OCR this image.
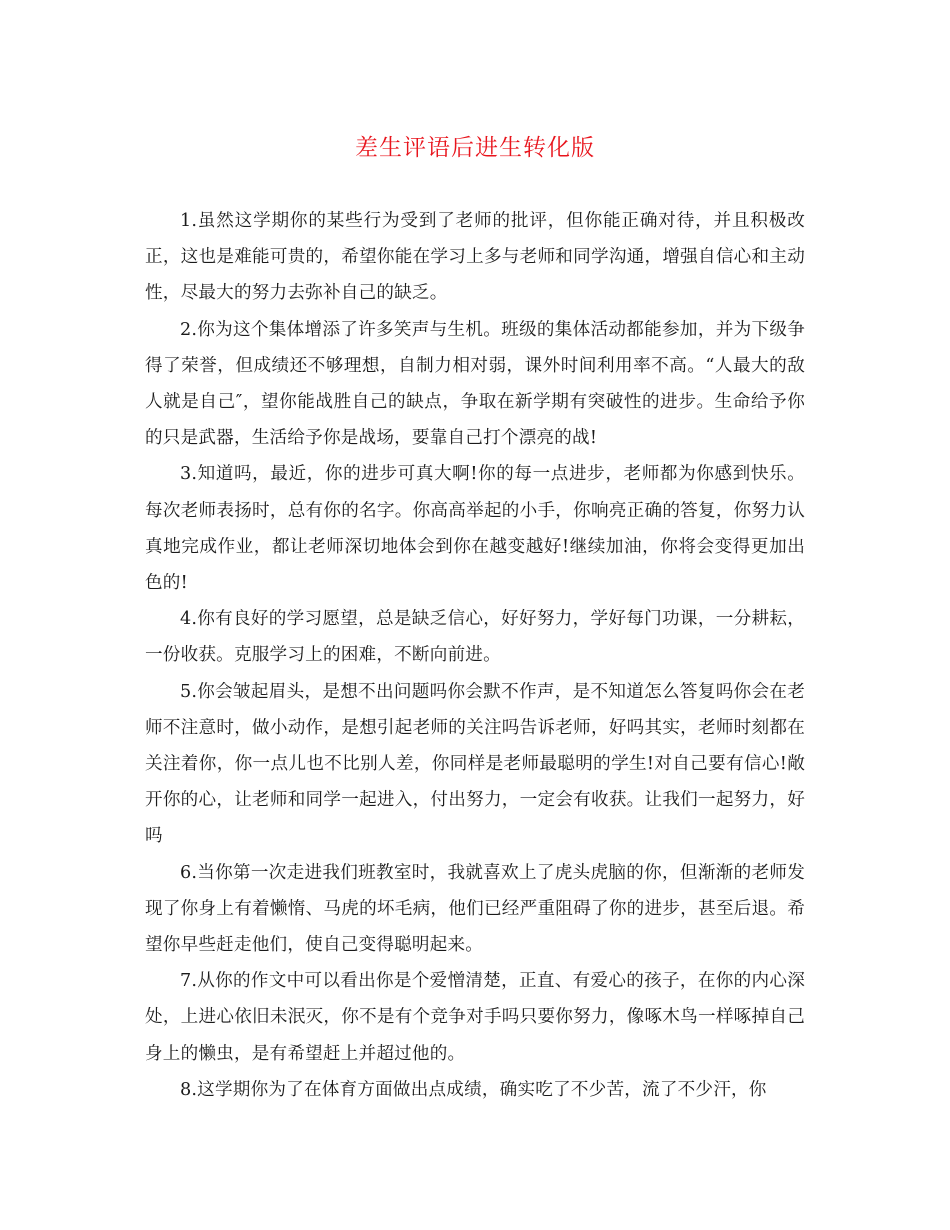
差生评语后进生转化版

1.虽然这学期你的某些行为受到了老师的批评，但你能正确对待，并且积极改正，这也是难能可贵的，希望你能在学习上多与老师和同学沟通，增强自信心和主动性，尽最大的努力去弥补自己的缺乏。

2.你为这个集体增添了许多笑声与生机。班级的集体活动都能参加，并为下级争得了荣誉，但成绩还不够理想，自制力相对弱，课外时间利用率不高。“人最大的敌人就是自己″，望你能战胜自己的缺点，争取在新学期有突破性的进步。生命给予你的只是武器，生活给予你是战场，要靠自己打个漂亮的战!

3.知道吗，最近，你的进步可真大啊!你的每一点进步，老师都为你感到快乐。每次老师表扬时，总有你的名字。你高高举起的小手，你响亮正确的答复，你努力认真地完成作业，都让老师深切地体会到你在越变越好!继续加油，你将会变得更加出色的!

4.你有良好的学习愿望，总是缺乏信心，好好努力，学好每门功课，一分耕耘，一份收获。克服学习上的困难，不断向前进。

5.你会皱起眉头，是想不出问题吗你会默不作声，是不知道怎么答复吗你会在老师不注意时，做小动作，是想引起老师的关注吗告诉老师，好吗其实，老师时刻都在关注着你，你一点儿也不比别人差，你同样是老师最聪明的学生!对自己要有信心!敞开你的心，让老师和同学一起进入，付出努力，一定会有收获。让我们一起努力，好吗

6.当你第一次走进我们班教室时，我就喜欢上了虎头虎脑的你，但渐渐的老师发现了你身上有着懒惰、马虎的坏毛病，他们已经严重阻碍了你的进步，甚至后退。希望你早些赶走他们，使自己变得聪明起来。

7.从你的作文中可以看出你是个爱憎清楚，正直、有爱心的孩子，在你的内心深处，上进心依旧未泯灭，你不是有个竞争对手吗只要你努力，像啄木鸟一样啄掉自己身上的懒虫，是有希望赶上并超过他的。

8.这学期你为了在体育方面做出点成绩，确实吃了不少苦，流了不少汗，你
